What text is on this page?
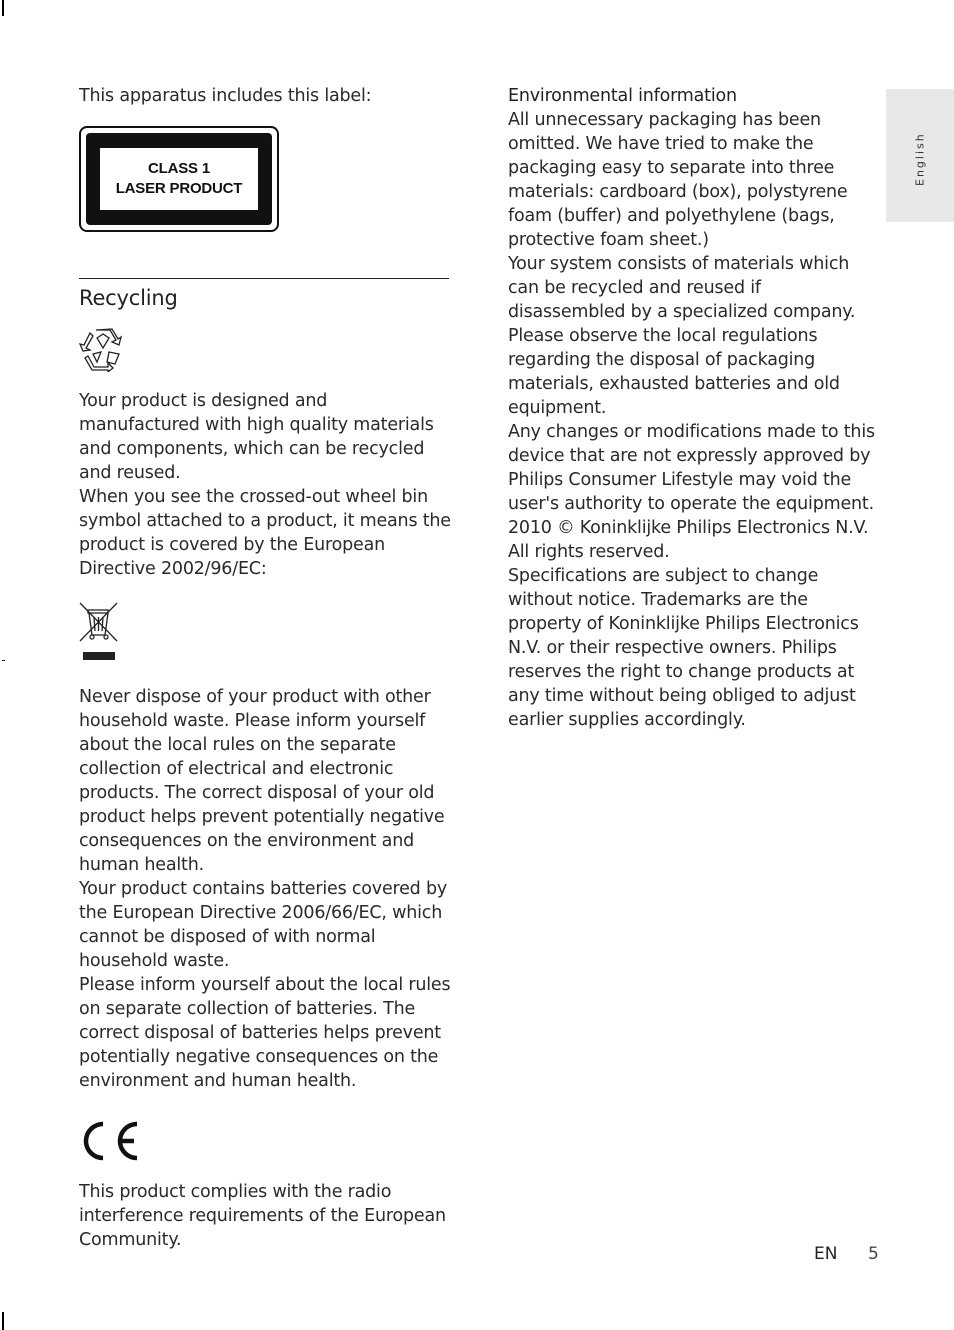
This apparatus includes this label:

CLASS 1
LASER PRODUCT
Recycling

Your product is designed and manufactured with high quality materials and components, which can be recycled and reused.

When you see the crossed-out wheel bin symbol attached to a product, it means the product is covered by the European Directive 2002/96/EC:

Never dispose of your product with other household waste. Please inform yourself about the local rules on the separate collection of electrical and electronic products. The correct disposal of your old product helps prevent potentially negative consequences on the environment and human health.

Your product contains batteries covered by the European Directive 2006/66/EC, which cannot be disposed of with normal household waste.

Please inform yourself about the local rules on separate collection of batteries. The correct disposal of batteries helps prevent potentially negative consequences on the environment and human health.

This product complies with the radio interference requirements of the European Community.

Environmental information

All unnecessary packaging has been omitted. We have tried to make the packaging easy to separate into three materials: cardboard (box), polystyrene foam (buffer) and polyethylene (bags, protective foam sheet.)

Your system consists of materials which can be recycled and reused if disassembled by a specialized company. Please observe the local regulations regarding the disposal of packaging materials, exhausted batteries and old equipment.

Any changes or modifications made to this device that are not expressly approved by Philips Consumer Lifestyle may void the user's authority to operate the equipment.

2010 © Koninklijke Philips Electronics N.V.

All rights reserved.

Specifications are subject to change without notice. Trademarks are the property of Koninklijke Philips Electronics N.V. or their respective owners. Philips reserves the right to change products at any time without being obliged to adjust earlier supplies accordingly.

English
EN 5
